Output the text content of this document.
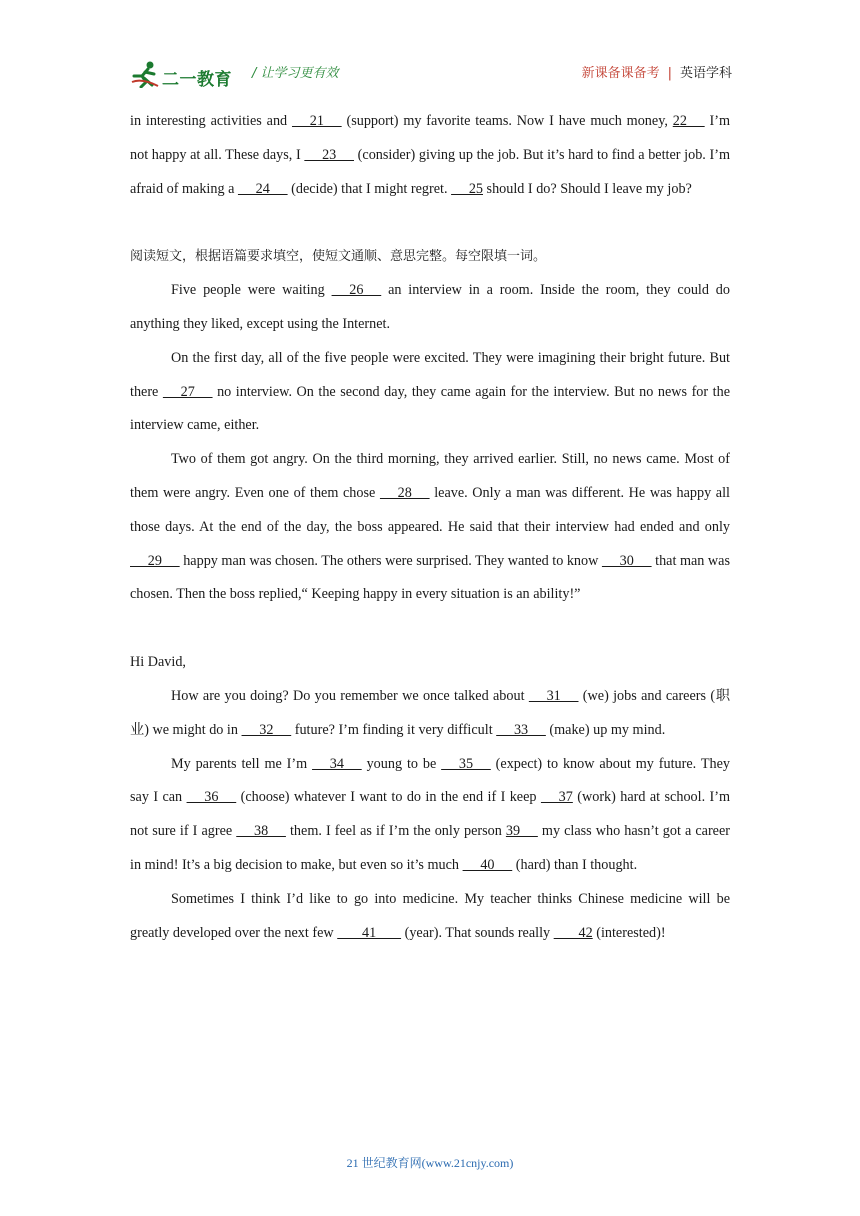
二一教育 / 让学习更有效	新课备课备考 | 英语学科

in interesting activities and      21      (support) my favorite teams. Now I have much money, 22      I’m not happy at all. These days, I      23      (consider) giving up the job. But it’s hard to find a better job. I’m afraid of making a      24      (decide) that I might regret.      25 should I do? Should I leave my job?

阅读短文，根据语篇要求填空，使短文通顺、意思完整。每空限填一词。

Five people were waiting      26      an interview in a room. Inside the room, they could do anything they liked, except using the Internet.

On the first day, all of the five people were excited. They were imagining their bright future. But there      27      no interview. On the second day, they came again for the interview. But no news for the interview came, either.

Two of them got angry. On the third morning, they arrived earlier. Still, no news came. Most of them were angry. Even one of them chose      28      leave. Only a man was different. He was happy all those days. At the end of the day, the boss appeared. He said that their interview had ended and only      29      happy man was chosen. The others were surprised. They wanted to know      30      that man was chosen. Then the boss replied,“ Keeping happy in every situation is an ability!”

Hi David,

How are you doing? Do you remember we once talked about      31      (we) jobs and careers (职业) we might do in      32      future? I’m finding it very difficult      33      (make) up my mind.

My parents tell me I’m      34      young to be      35      (expect) to know about my future. They say I can      36      (choose) whatever I want to do in the end if I keep      37 (work) hard at school. I’m not sure if I agree      38      them. I feel as if I’m the only person 39      my class who hasn’t got a career in mind! It’s a big decision to make, but even so it’s much      40      (hard) than I thought.

Sometimes I think I’d like to go into medicine. My teacher thinks Chinese medicine will be greatly developed over the next few        41        (year). That sounds really        42 (interested)!

21 世纪教育网(www.21cnjy.com)
